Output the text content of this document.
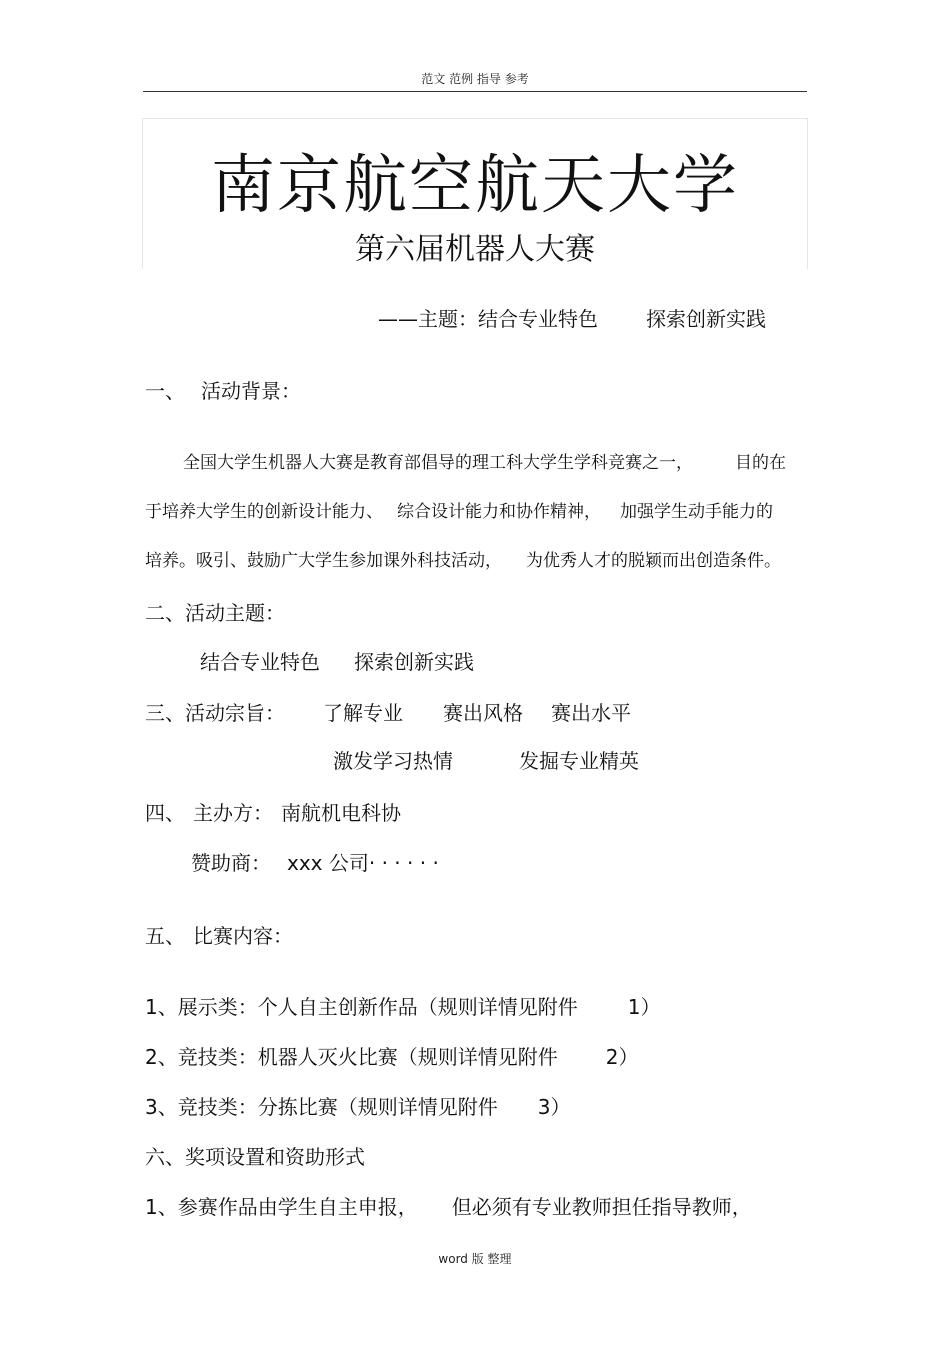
范文 范例 指导 参考
南京航空航天大学
第六届机器人大赛
——主题：结合专业特色 探索创新实践
一、 活动背景：
全国大学生机器人大赛是教育部倡导的理工科大学生学科竞赛之一， 目的在
于培养大学生的创新设计能力、 综合设计能力和协作精神， 加强学生动手能力的
培养。吸引、鼓励广大学生参加课外科技活动， 为优秀人才的脱颖而出创造条件。
二、活动主题：
结合专业特色 探索创新实践
三、活动宗旨： 了解专业 赛出风格 赛出水平
激发学习热情	发掘专业精英
四、 主办方： 南航机电科协
赞助商： xxx 公司· · · · · ·
五、 比赛内容：
1、展示类：个人自主创新作品（规则详情见附件	1）
2、竞技类：机器人灭火比赛（规则详情见附件 2）
3、竞技类：分拣比赛（规则详情见附件 3）
六、奖项设置和资助形式
1、参赛作品由学生自主申报， 但必须有专业教师担任指导教师，
word 版 整理
